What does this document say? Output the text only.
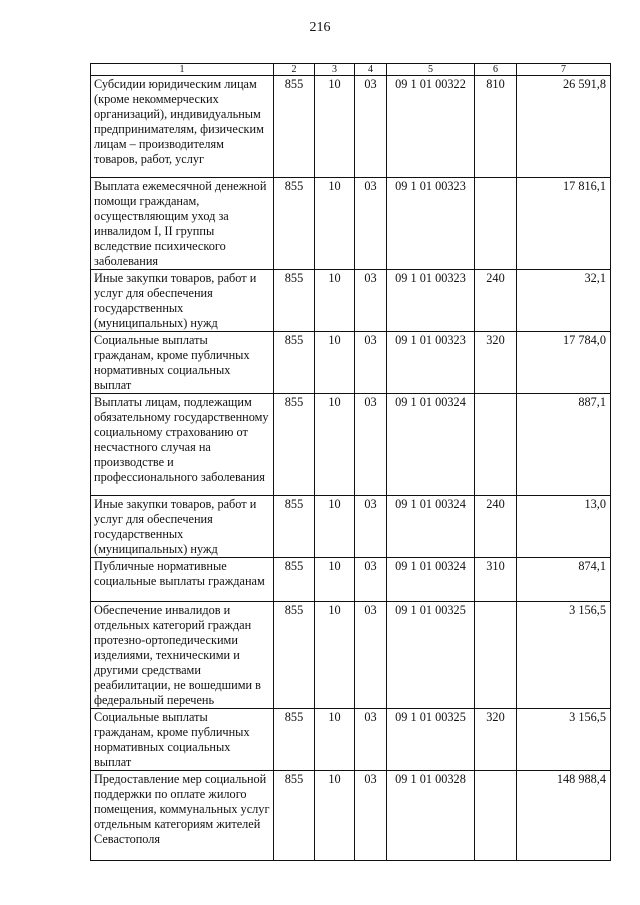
216
1	2	3	4	5	6	7
Субсидии юридическим лицам (кроме некоммерческих организаций), индивидуальным предпринимателям, физическим лицам – производителям товаров, работ, услуг	855	10	03	09 1 01 00322	810	26 591,8
Выплата ежемесячной денежной помощи гражданам, осуществляющим уход за инвалидом I, II группы вследствие психического заболевания	855	10	03	09 1 01 00323		17 816,1
Иные закупки товаров, работ и услуг для обеспечения государственных (муниципальных) нужд	855	10	03	09 1 01 00323	240	32,1
Социальные выплаты гражданам, кроме публичных нормативных социальных выплат	855	10	03	09 1 01 00323	320	17 784,0
Выплаты лицам, подлежащим обязательному государственному социальному страхованию от несчастного случая на производстве и профессионального заболевания	855	10	03	09 1 01 00324		887,1
Иные закупки товаров, работ и услуг для обеспечения государственных (муниципальных) нужд	855	10	03	09 1 01 00324	240	13,0
Публичные нормативные социальные выплаты гражданам	855	10	03	09 1 01 00324	310	874,1
Обеспечение инвалидов и отдельных категорий граждан протезно-ортопедическими изделиями, техническими и другими средствами реабилитации, не вошедшими в федеральный перечень	855	10	03	09 1 01 00325		3 156,5
Социальные выплаты гражданам, кроме публичных нормативных социальных выплат	855	10	03	09 1 01 00325	320	3 156,5
Предоставление мер социальной поддержки по оплате жилого помещения, коммунальных услуг отдельным категориям жителей Севастополя	855	10	03	09 1 01 00328		148 988,4
